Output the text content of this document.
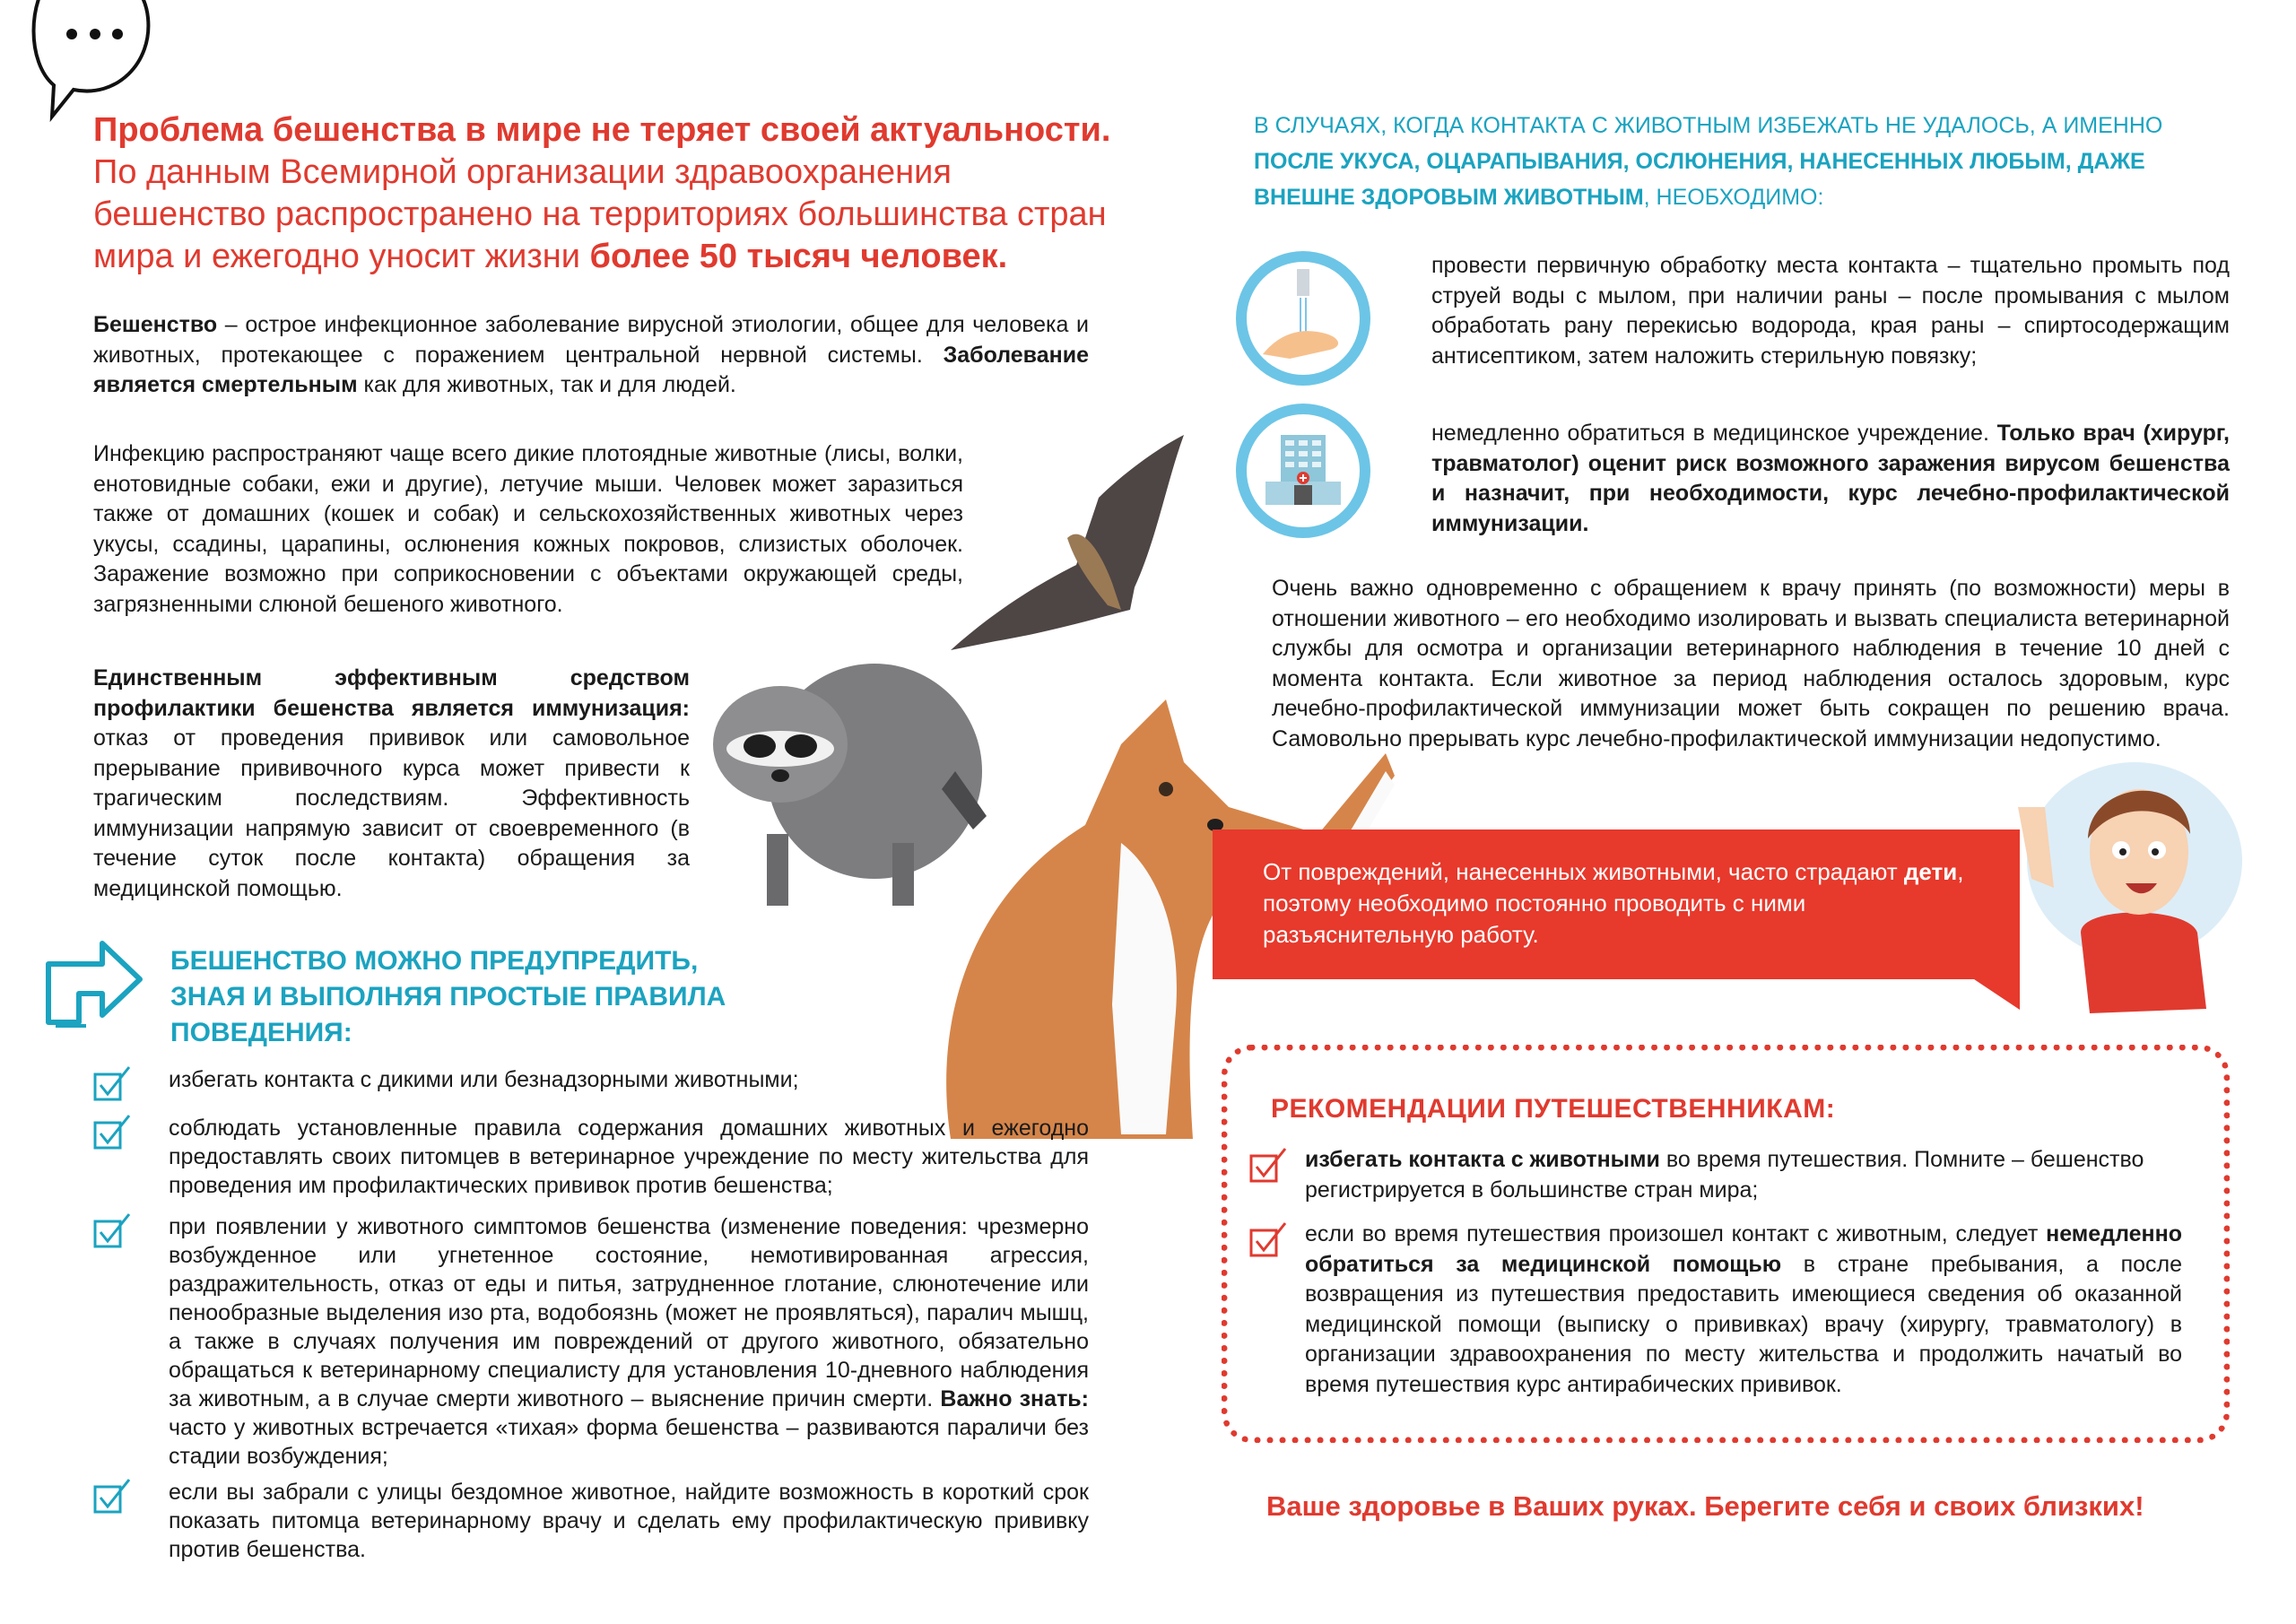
Проблема бешенства в мире не теряет своей актуальности.
По данным Всемирной организации здравоохранения бешенство распространено на территориях большинства стран мира и ежегодно уносит жизни более 50 тысяч человек.
Бешенство – острое инфекционное заболевание вирусной этиологии, общее для человека и животных, протекающее с поражением центральной нервной системы. Заболевание является смертельным как для животных, так и для людей.
Инфекцию распространяют чаще всего дикие плотоядные животные (лисы, волки, енотовидные собаки, ежи и другие), летучие мыши. Человек может заразиться также от домашних (кошек и собак) и сельскохозяйственных животных через укусы, ссадины, царапины, ослюнения кожных покровов, слизистых оболочек. Заражение возможно при соприкосновении с объектами окружающей среды, загрязненными слюной бешеного животного.
Единственным эффективным средством профилактики бешенства является иммунизация: отказ от проведения прививок или самовольное прерывание прививочного курса может привести к трагическим последствиям. Эффективность иммунизации напрямую зависит от своевременного (в течение суток после контакта) обращения за медицинской помощью.
БЕШЕНСТВО МОЖНО ПРЕДУПРЕДИТЬ, ЗНАЯ И ВЫПОЛНЯЯ ПРОСТЫЕ ПРАВИЛА ПОВЕДЕНИЯ:
избегать контакта с дикими или безнадзорными животными;
соблюдать установленные правила содержания домашних животных и ежегодно предоставлять своих питомцев в ветеринарное учреждение по месту жительства для проведения им профилактических прививок против бешенства;
при появлении у животного симптомов бешенства (изменение поведения: чрезмерно возбужденное или угнетенное состояние, немотивированная агрессия, раздражительность, отказ от еды и питья, затрудненное глотание, слюнотечение или пенообразные выделения изо рта, водобоязнь (может не проявляться), паралич мышц, а также в случаях получения им повреждений от другого животного, обязательно обращаться к ветеринарному специалисту для установления 10-дневного наблюдения за животным, а в случае смерти животного – выяснение причин смерти. Важно знать: часто у животных встречается «тихая» форма бешенства – развиваются параличи без стадии возбуждения;
если вы забрали с улицы бездомное животное, найдите возможность в короткий срок показать питомца ветеринарному врачу и сделать ему профилактическую прививку против бешенства.
В СЛУЧАЯХ, КОГДА КОНТАКТА С ЖИВОТНЫМ ИЗБЕЖАТЬ НЕ УДАЛОСЬ, А ИМЕННО ПОСЛЕ УКУСА, ОЦАРАПЫВАНИЯ, ОСЛЮНЕНИЯ, НАНЕСЕННЫХ ЛЮБЫМ, ДАЖЕ ВНЕШНЕ ЗДОРОВЫМ ЖИВОТНЫМ, НЕОБХОДИМО:
провести первичную обработку места контакта – тщательно промыть под струей воды с мылом, при наличии раны – после промывания с мылом обработать рану перекисью водорода, края раны – спиртосодержащим антисептиком, затем наложить стерильную повязку;
немедленно обратиться в медицинское учреждение. Только врач (хирург, травматолог) оценит риск возможного заражения вирусом бешенства и назначит, при необходимости, курс лечебно-профилактической иммунизации.
Очень важно одновременно с обращением к врачу принять (по возможности) меры в отношении животного – его необходимо изолировать и вызвать специалиста ветеринарной службы для осмотра и организации ветеринарного наблюдения в течение 10 дней с момента контакта. Если животное за период наблюдения осталось здоровым, курс лечебно-профилактической иммунизации может быть сокращен по решению врача. Самовольно прерывать курс лечебно-профилактической иммунизации недопустимо.
От повреждений, нанесенных животными, часто страдают дети, поэтому необходимо постоянно проводить с ними разъяснительную работу.
РЕКОМЕНДАЦИИ ПУТЕШЕСТВЕННИКАМ:
избегать контакта с животными во время путешествия. Помните – бешенство регистрируется в большинстве стран мира;
если во время путешествия произошел контакт с животным, следует немедленно обратиться за медицинской помощью в стране пребывания, а после возвращения из путешествия предоставить имеющиеся сведения об оказанной медицинской помощи (выписку о прививках) врачу (хирургу, травматологу) в организации здравоохранения по месту жительства и продолжить начатый во время путешествия курс антирабических прививок.
Ваше здоровье в Ваших руках. Берегите себя и своих близких!
